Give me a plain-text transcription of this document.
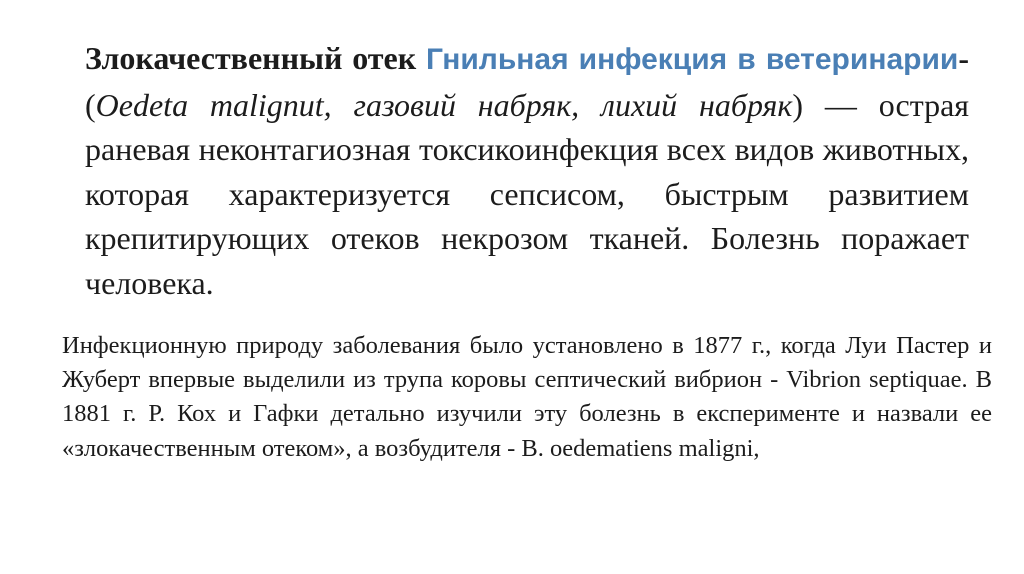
Злокачественный отек Гнильная инфекция в ветеринарии- (Oedeta malignut, газовий набряк, лихий набряк) — острая раневая неконтагиозная токсикоинфекция всех видов животных, которая характеризуется сепсисом, быстрым развитием крепитирующих отеков некрозом тканей. Болезнь поражает человека.
Инфекционную природу заболевания было установлено в 1877 г., когда Луи Пастер и Жуберт впервые выделили из трупа коровы септический вибрион - Vibrion septiquae. В 1881 г. Р. Кох и Гафки детально изучили эту болезнь в експерименте и назвали ее «злокачественным отеком», а возбудителя - В. oedematiens maligni,
